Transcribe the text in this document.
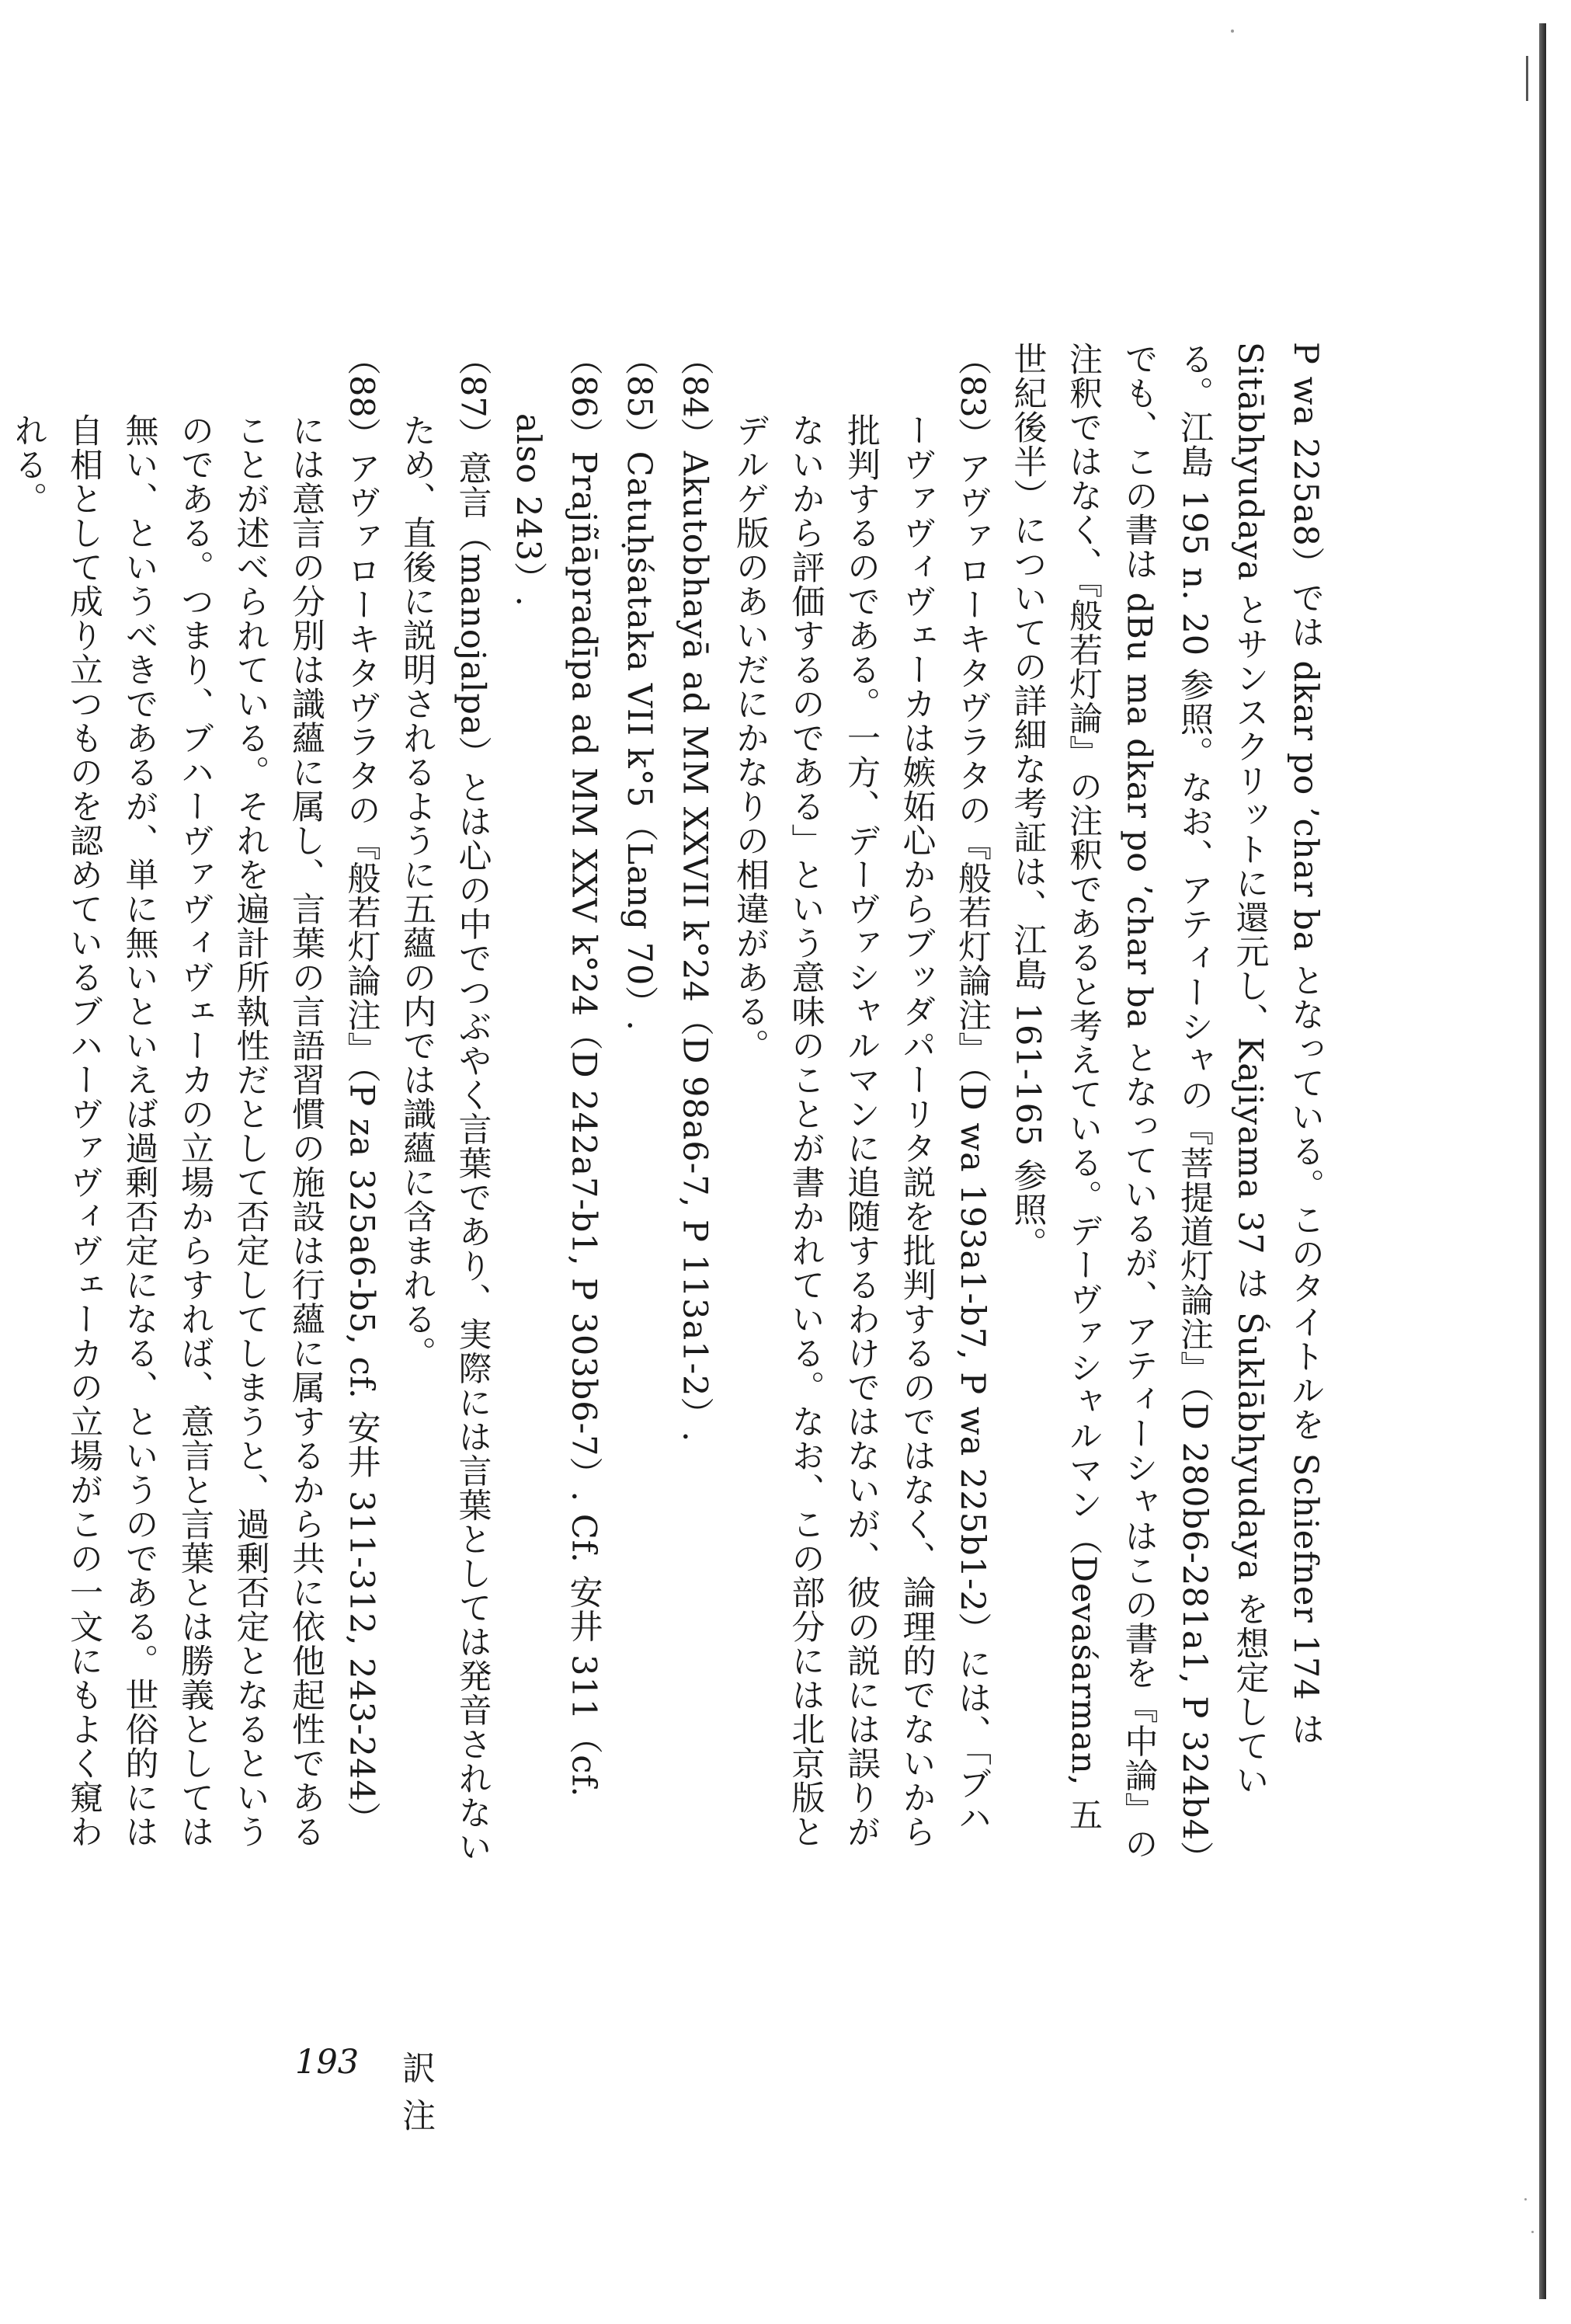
P wa 225a8）では dkar po ’char ba となっている。このタイトルを Schiefner 174 は Sitābhyudaya とサンスクリットに還元し、Kajiyama 37 は Śuklābhyudaya を想定している。江島 195 n. 20 参照。なお、アティーシャの『菩提道灯論注』（D 280b6-281a1, P 324b4）でも、この書は dBu ma dkar po ’char ba となっているが、アティーシャはこの書を『中論』の注釈ではなく、『般若灯論』の注釈であると考えている。デーヴァシャルマン（Devaśarman, 五世紀後半）についての詳細な考証は、江島 161-165 参照。

（83）アヴァローキタヴラタの『般若灯論注』（D wa 193a1-b7, P wa 225b1-2）には、「ブハーヴァヴィヴェーカは嫉妬心からブッダパーリタ説を批判するのではなく、論理的でないから批判するのである。一方、デーヴァシャルマンに追随するわけではないが、彼の説には誤りがないから評価するのである」という意味のことが書かれている。なお、この部分には北京版とデルゲ版のあいだにかなりの相違がある。

（84）Akutobhayā ad MM XXVII k°24（D 98a6-7, P 113a1-2）.

（85）Catuḥśataka VII k°5（Lang 70）.

（86）Prajñāpradīpa ad MM XXV k°24（D 242a7-b1, P 303b6-7）. Cf. 安井 311（cf. also 243）.

（87）意言（manojalpa）とは心の中でつぶやく言葉であり、実際には言葉としては発音されないため、直後に説明されるように五蘊の内では識蘊に含まれる。

（88）アヴァローキタヴラタの『般若灯論注』（P za 325a6-b5, cf. 安井 311-312, 243-244）には意言の分別は識蘊に属し、言葉の言語習慣の施設は行蘊に属するから共に依他起性であることが述べられている。それを遍計所執性だとして否定してしまうと、過剰否定となるというのである。つまり、ブハーヴァヴィヴェーカの立場からすれば、意言と言葉とは勝義としては無い、というべきであるが、単に無いといえば過剰否定になる、というのである。世俗的には自相として成り立つものを認めているブハーヴァヴィヴェーカの立場がこの一文にもよく窺われる。

193 訳 注
